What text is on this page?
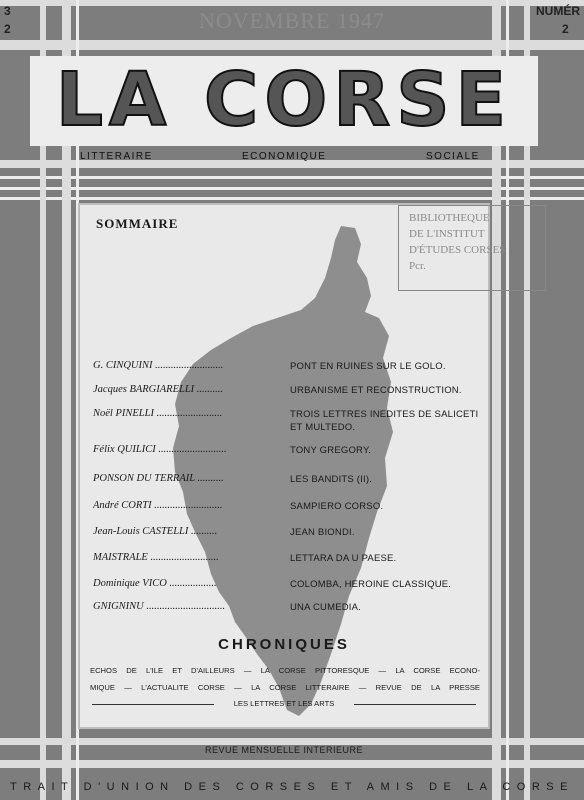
NOVEMBRE 1947
3
2
NUMÉR
2
LA CORSE
LITTERAIRE	ECONOMIQUE	SOCIALE
SOMMAIRE	BIBLIOTHEQUE
DE L'INSTITUT
D'ÉTUDES CORSES
Pcr.
G. CINQUINI ..........................	PONT EN RUINES SUR LE GOLO.
Jacques BARGIARELLI ..........	URBANISME ET RECONSTRUCTION.
Noël PINELLI .........................	TROIS LETTRES INEDITES DE SALICETI ET MULTEDO.
Félix QUILICI ..........................	TONY GREGORY.
PONSON DU TERRAIL ..........	LES BANDITS (II).
André CORTI ..........................	SAMPIERO CORSO.
Jean-Louis CASTELLI ..........	JEAN BIONDI.
MAISTRALE ..........................	LETTARA DA U PAESE.
Dominique VICO ..................	COLOMBA, HEROINE CLASSIQUE.
GNIGNINU ..............................	UNA CUMEDIA.
CHRONIQUES
ECHOS DE L'ILE ET D'AILLEURS — LA CORSE PITTORESQUE — LA CORSE ECONO-
MIQUE — L'ACTUALITE CORSE — LA CORSE LITTERAIRE — REVUE DE LA PRESSE
LES LETTRES ET LES ARTS
REVUE MENSUELLE INTERIEURE
TRAIT D'UNION DES CORSES ET AMIS DE LA CORSE
